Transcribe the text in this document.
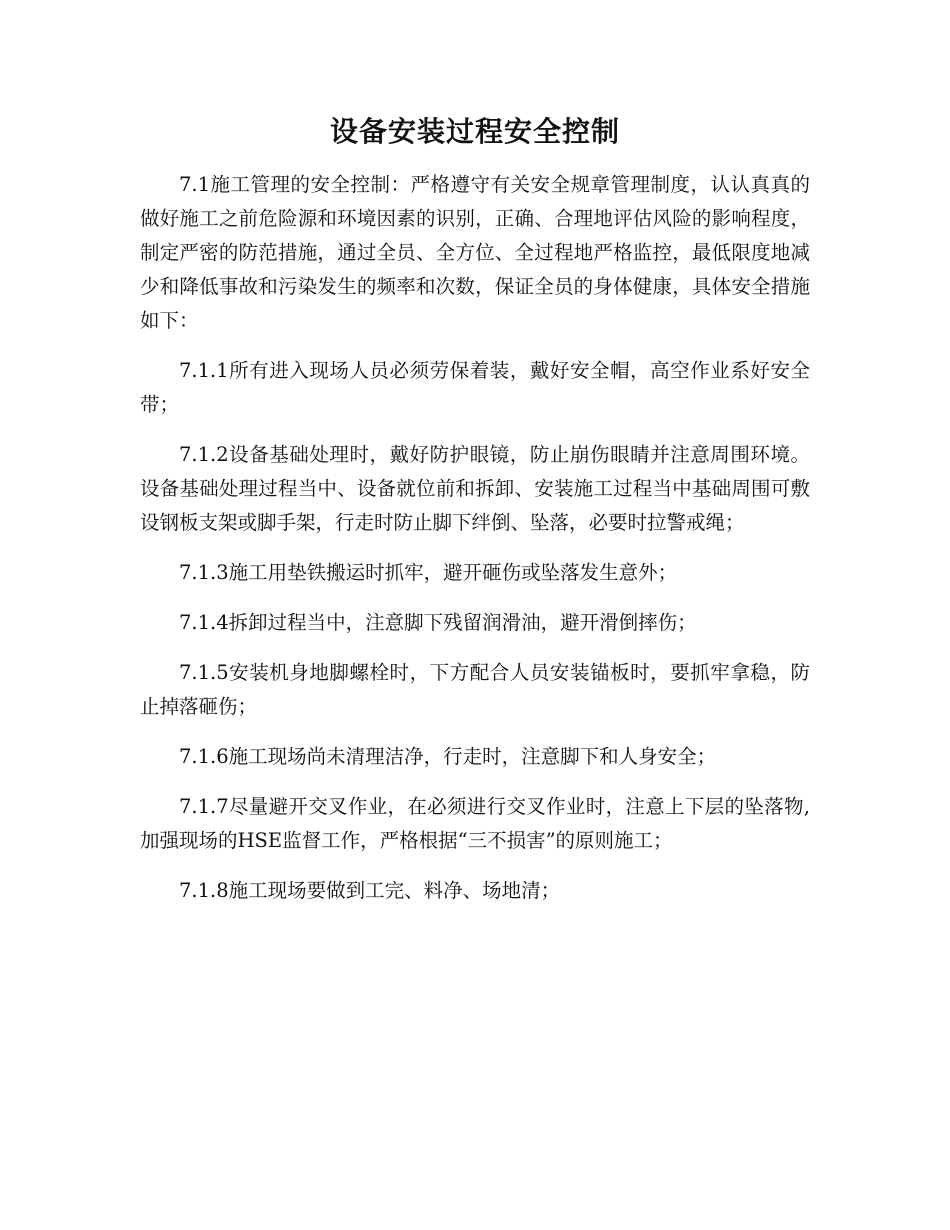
设备安装过程安全控制

7.1施工管理的安全控制：严格遵守有关安全规章管理制度，认认真真的做好施工之前危险源和环境因素的识别，正确、合理地评估风险的影响程度，制定严密的防范措施，通过全员、全方位、全过程地严格监控，最低限度地减少和降低事故和污染发生的频率和次数，保证全员的身体健康，具体安全措施如下：

7.1.1所有进入现场人员必须劳保着装，戴好安全帽，高空作业系好安全带；

7.1.2设备基础处理时，戴好防护眼镜，防止崩伤眼睛并注意周围环境。设备基础处理过程当中、设备就位前和拆卸、安装施工过程当中基础周围可敷设钢板支架或脚手架，行走时防止脚下绊倒、坠落，必要时拉警戒绳；

7.1.3施工用垫铁搬运时抓牢，避开砸伤或坠落发生意外；

7.1.4拆卸过程当中，注意脚下残留润滑油，避开滑倒摔伤；

7.1.5安装机身地脚螺栓时，下方配合人员安装锚板时，要抓牢拿稳，防止掉落砸伤；

7.1.6施工现场尚未清理洁净，行走时，注意脚下和人身安全；

7.1.7尽量避开交叉作业，在必须进行交叉作业时，注意上下层的坠落物,加强现场的HSE监督工作，严格根据“三不损害”的原则施工；

7.1.8施工现场要做到工完、料净、场地清；
